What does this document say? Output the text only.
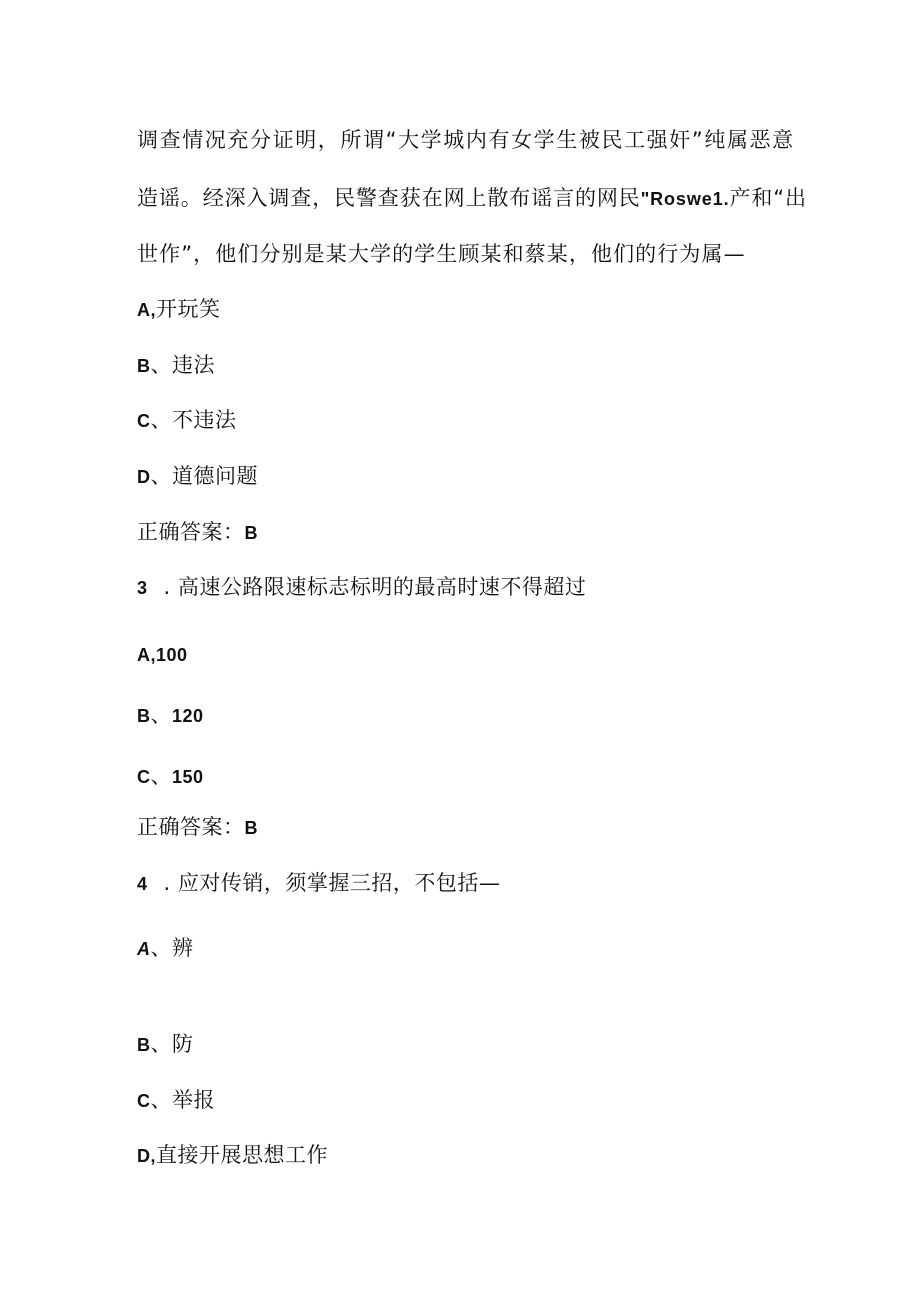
调查情况充分证明，所谓“大学城内有女学生被民工强奸”纯属恶意
造谣。经深入调查，民警查获在网上散布谣言的网民"Roswe1.产和“出
世作”，他们分别是某大学的学生顾某和蔡某，他们的行为属—
A,开玩笑
B、违法
C、不违法
D、道德问题
正确答案：B
3 . 高速公路限速标志标明的最高时速不得超过
A,100
B、120
C、150
正确答案：B
4 . 应对传销，须掌握三招，不包括—
A、辨
B、防
C、举报
D,直接开展思想工作
